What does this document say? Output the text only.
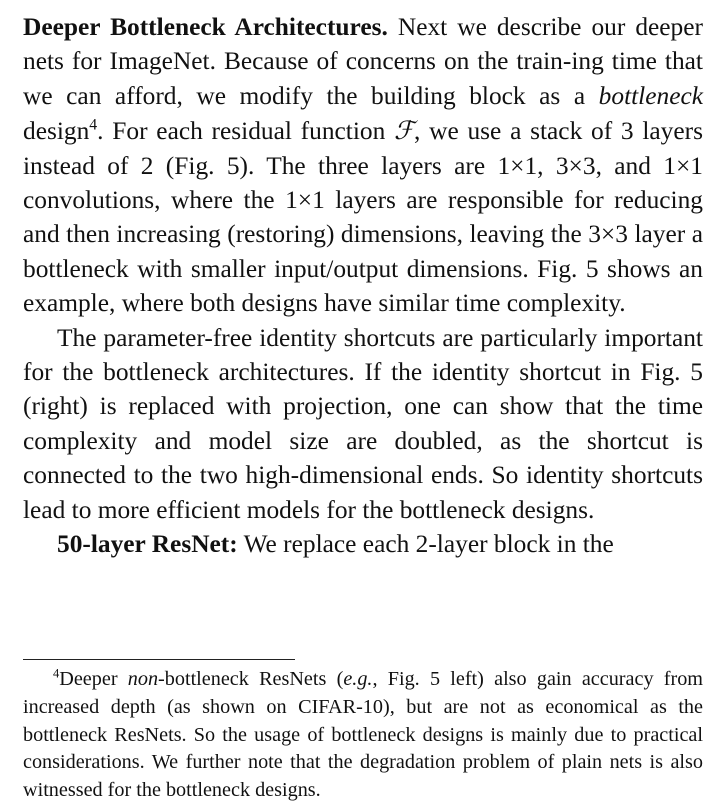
Deeper Bottleneck Architectures. Next we describe our deeper nets for ImageNet. Because of concerns on the train-ing time that we can afford, we modify the building block as a bottleneck design$^4$. For each residual function ℱ, we use a stack of 3 layers instead of 2 (Fig. 5). The three layers are 1×1, 3×3, and 1×1 convolutions, where the 1×1 layers are responsible for reducing and then increasing (restoring) dimensions, leaving the 3×3 layer a bottleneck with smaller input/output dimensions. Fig. 5 shows an example, where both designs have similar time complexity.

The parameter-free identity shortcuts are particularly important for the bottleneck architectures. If the identity shortcut in Fig. 5 (right) is replaced with projection, one can show that the time complexity and model size are doubled, as the shortcut is connected to the two high-dimensional ends. So identity shortcuts lead to more efficient models for the bottleneck designs.

50-layer ResNet: We replace each 2-layer block in the

$^4$Deeper non-bottleneck ResNets (e.g., Fig. 5 left) also gain accuracy from increased depth (as shown on CIFAR-10), but are not as economical as the bottleneck ResNets. So the usage of bottleneck designs is mainly due to practical considerations. We further note that the degradation problem of plain nets is also witnessed for the bottleneck designs.
